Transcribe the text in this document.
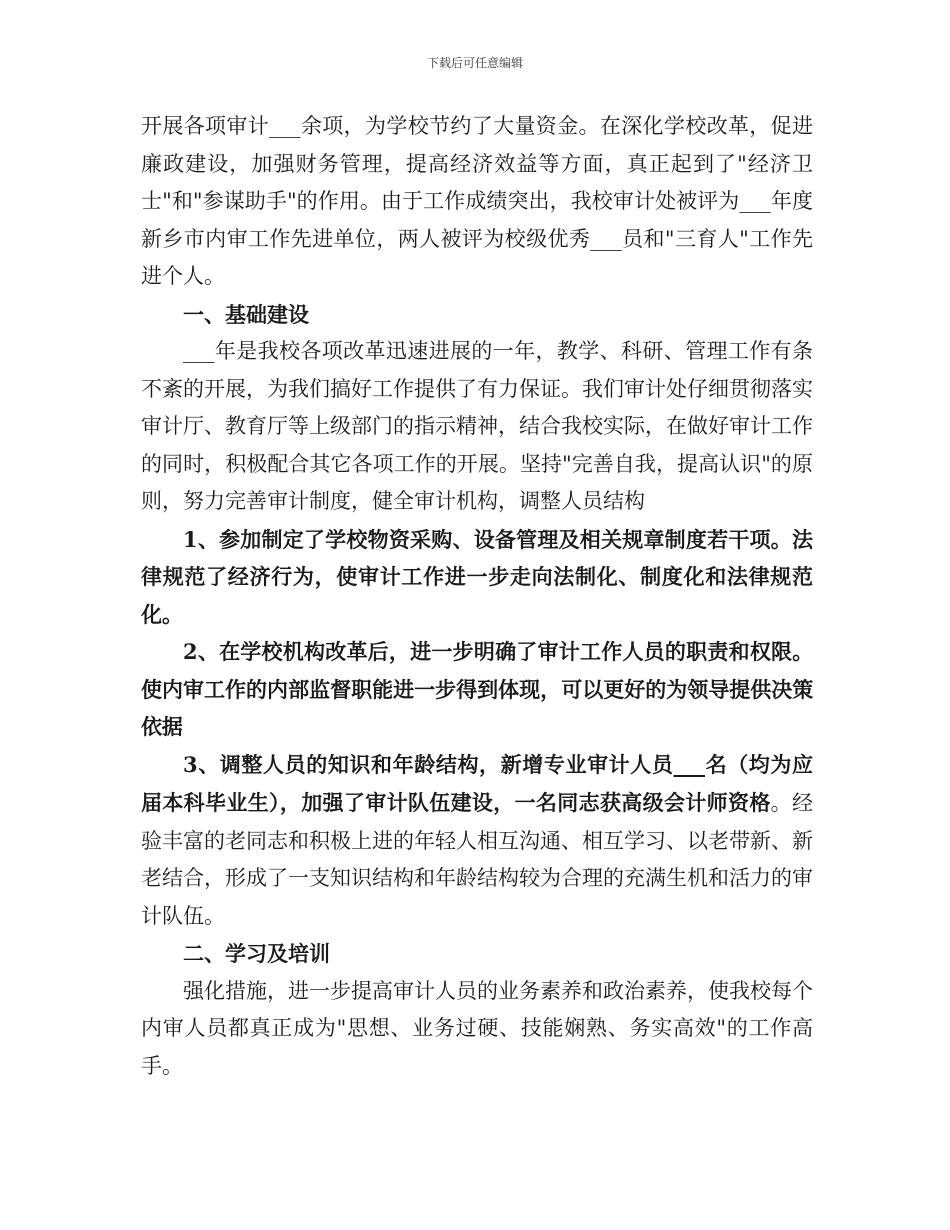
下载后可任意编辑

开展各项审计___余项，为学校节约了大量资金。在深化学校改革，促进廉政建设，加强财务管理，提高经济效益等方面，真正起到了"经济卫士"和"参谋助手"的作用。由于工作成绩突出，我校审计处被评为___年度新乡市内审工作先进单位，两人被评为校级优秀___员和"三育人"工作先进个人。

一、基础建设

___年是我校各项改革迅速进展的一年，教学、科研、管理工作有条不紊的开展，为我们搞好工作提供了有力保证。我们审计处仔细贯彻落实审计厅、教育厅等上级部门的指示精神，结合我校实际，在做好审计工作的同时，积极配合其它各项工作的开展。坚持"完善自我，提高认识"的原则，努力完善审计制度，健全审计机构，调整人员结构

1、参加制定了学校物资采购、设备管理及相关规章制度若干项。法律规范了经济行为，使审计工作进一步走向法制化、制度化和法律规范化。

2、在学校机构改革后，进一步明确了审计工作人员的职责和权限。使内审工作的内部监督职能进一步得到体现，可以更好的为领导提供决策依据

3、调整人员的知识和年龄结构，新增专业审计人员___名（均为应届本科毕业生），加强了审计队伍建设，一名同志获高级会计师资格。经验丰富的老同志和积极上进的年轻人相互沟通、相互学习、以老带新、新老结合，形成了一支知识结构和年龄结构较为合理的充满生机和活力的审计队伍。

二、学习及培训

强化措施，进一步提高审计人员的业务素养和政治素养，使我校每个内审人员都真正成为"思想、业务过硬、技能娴熟、务实高效"的工作高手。
